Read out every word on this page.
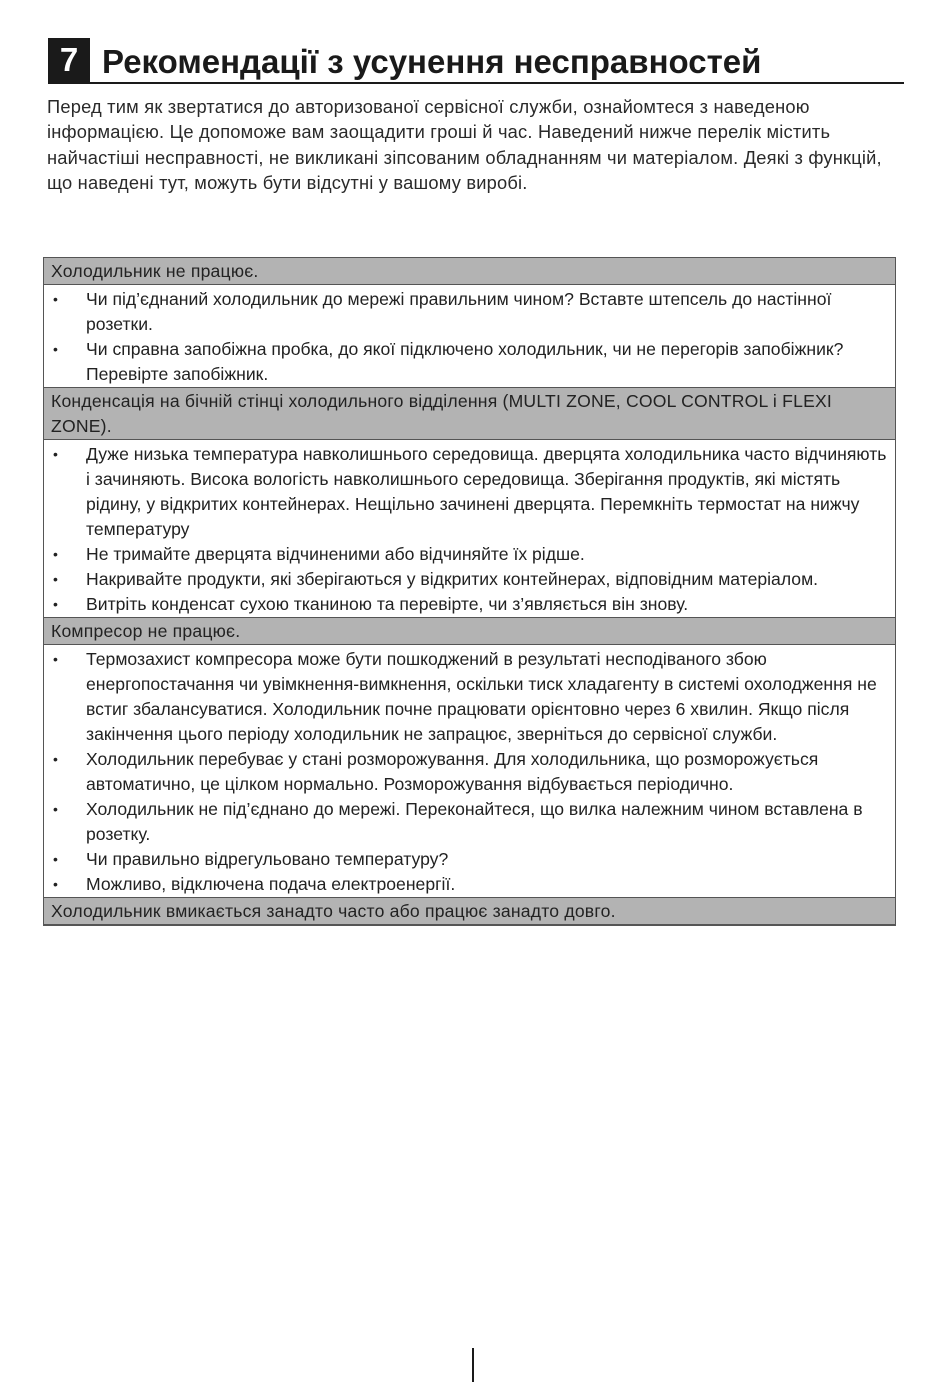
7 Рекомендації з усунення несправностей

Перед тим як звертатися до авторизованої сервісної служби, ознайомтеся з наведеною інформацією. Це допоможе вам заощадити гроші й час. Наведений нижче перелік містить найчастіші несправності, не викликані зіпсованим обладнанням чи матеріалом. Деякі з функцій, що наведені тут, можуть бути відсутні у вашому виробі.

Холодильник не працює.
• Чи під’єднаний холодильник до мережі правильним чином? Вставте штепсель до настінної розетки.
• Чи справна запобіжна пробка, до якої підключено холодильник, чи не перегорів запобіжник? Перевірте запобіжник.
Конденсація на бічній стінці холодильного відділення (MULTI ZONE, COOL CONTROL і FLEXI ZONE).
• Дуже низька температура навколишнього середовища. дверцята холодильника часто відчиняють і зачиняють. Висока вологість навколишнього середовища. Зберігання продуктів, які містять рідину, у відкритих контейнерах. Нещільно зачинені дверцята. Перемкніть термостат на нижчу температуру
• Не тримайте дверцята відчиненими або відчиняйте їх рідше.
• Накривайте продукти, які зберігаються у відкритих контейнерах, відповідним матеріалом.
• Витріть конденсат сухою тканиною та перевірте, чи з’являється він знову.
Компресор не працює.
• Термозахист компресора може бути пошкоджений в результаті несподіваного збою енергопостачання чи увімкнення-вимкнення, оскільки тиск хладагенту в системі охолодження не встиг збалансуватися. Холодильник почне працювати орієнтовно через 6 хвилин. Якщо після закінчення цього періоду холодильник не запрацює, зверніться до сервісної служби.
• Холодильник перебуває у стані розморожування. Для холодильника, що розморожується автоматично, це цілком нормально. Розморожування відбувається періодично.
• Холодильник не під’єднано до мережі. Переконайтеся, що вилка належним чином вставлена в розетку.
• Чи правильно відрегульовано температуру?
• Можливо, відключена подача електроенергії.
Холодильник вмикається занадто часто або працює занадто довго.
